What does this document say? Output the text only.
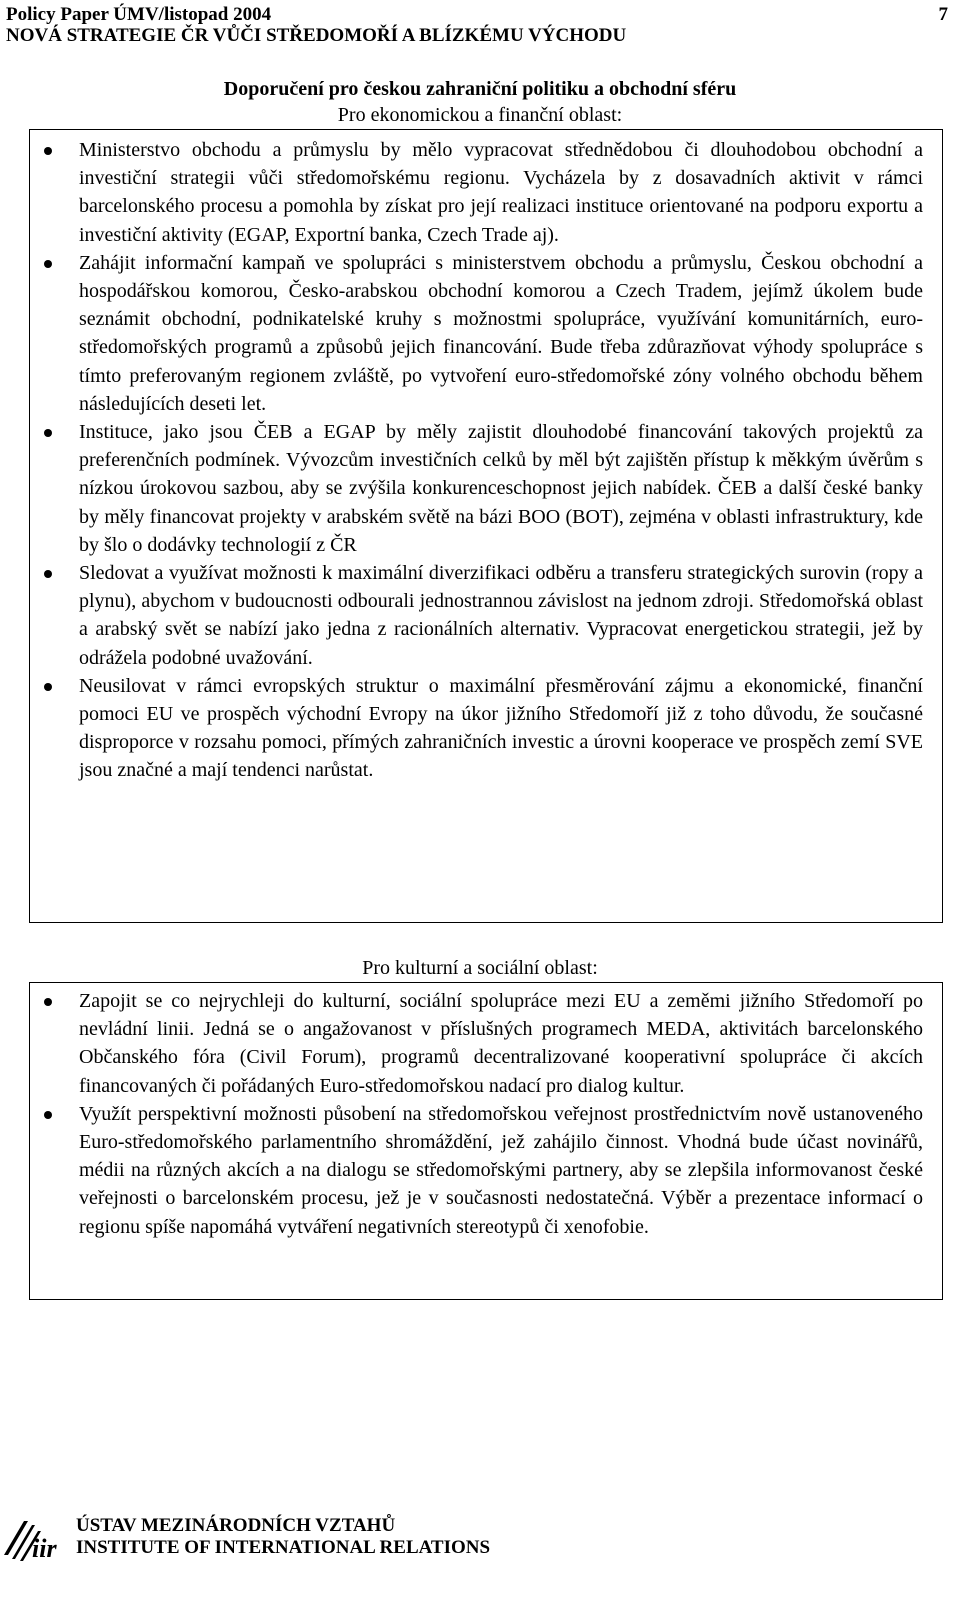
Policy Paper ÚMV/listopad 2004
NOVÁ STRATEGIE ČR VŮČI STŘEDOMOŘÍ A BLÍZKÉMU VÝCHODU
7
Doporučení pro českou zahraniční politiku a obchodní sféru
Pro ekonomickou a finanční oblast:
Ministerstvo obchodu a průmyslu by mělo vypracovat střednědobou či dlouhodobou obchodní a investiční strategii vůči středomořskému regionu. Vycházela by z dosavadních aktivit v rámci barcelonského procesu a pomohla by získat pro její realizaci instituce orientované na podporu exportu a investiční aktivity (EGAP, Exportní banka, Czech Trade aj).
Zahájit informační kampaň ve spolupráci s ministerstvem obchodu a průmyslu, Českou obchodní a hospodářskou komorou, Česko-arabskou obchodní komorou a Czech Tradem, jejímž úkolem bude seznámit obchodní, podnikatelské kruhy s možnostmi spolupráce, využívání komunitárních, euro-středomořských programů a způsobů jejich financování. Bude třeba zdůrazňovat výhody spolupráce s tímto preferovaným regionem zvláště, po vytvoření euro-středomořské zóny volného obchodu během následujících deseti let.
Instituce, jako jsou ČEB a EGAP by měly zajistit dlouhodobé financování takových projektů za preferenčních podmínek. Vývozcům investičních celků by měl být zajištěn přístup k měkkým úvěrům s nízkou úrokovou sazbou, aby se zvýšila konkurenceschopnost jejich nabídek. ČEB a další české banky by měly financovat projekty v arabském světě na bázi BOO (BOT), zejména v oblasti infrastruktury, kde by šlo o dodávky technologií z ČR
Sledovat a využívat možnosti k maximální diverzifikaci odběru a transferu strategických surovin (ropy a plynu), abychom v budoucnosti odbourali jednostrannou závislost na jednom zdroji. Středomořská oblast a arabský svět se nabízí jako jedna z racionálních alternativ. Vypracovat energetickou strategii, jež by odrážela podobné uvažování.
Neusilovat v rámci evropských struktur o maximální přesměrování zájmu a ekonomické, finanční pomoci EU ve prospěch východní Evropy na úkor jižního Středomoří již z toho důvodu, že současné disproporce v rozsahu pomoci, přímých zahraničních investic a úrovni kooperace ve prospěch zemí SVE jsou značné a mají tendenci narůstat.
Pro kulturní a sociální oblast:
Zapojit se co nejrychleji do kulturní, sociální spolupráce mezi EU a zeměmi jižního Středomoří po nevládní linii. Jedná se o angažovanost v příslušných programech MEDA, aktivitách barcelonského Občanského fóra (Civil Forum), programů decentralizované kooperativní spolupráce či akcích financovaných či pořádaných Euro-středomořskou nadací pro dialog kultur.
Využít perspektivní možnosti působení na středomořskou veřejnost prostřednictvím nově ustanoveného Euro-středomořského parlamentního shromáždění, jež zahájilo činnost. Vhodná bude účast novinářů, médii na různých akcích a na dialogu se středomořskými partnery, aby se zlepšila informovanost české veřejnosti o barcelonském procesu, jež je v současnosti nedostatečná. Výběr a prezentace informací o regionu spíše napomáhá vytváření negativních stereotypů či xenofobie.
iir
ÚSTAV MEZINÁRODNÍCH VZTAHŮ
INSTITUTE OF INTERNATIONAL RELATIONS
